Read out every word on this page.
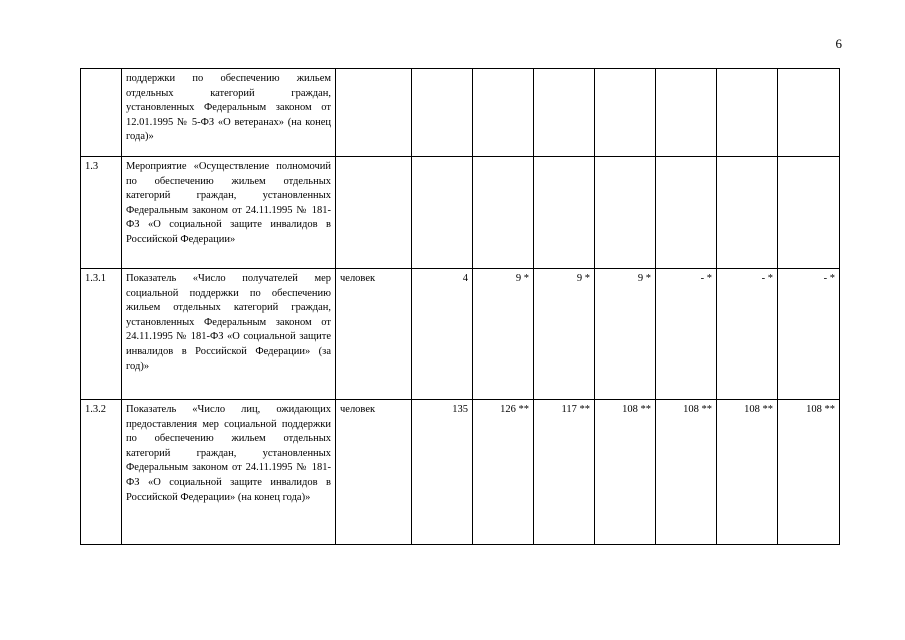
6
	поддержки по обеспечению жильем отдельных категорий граждан, установленных Федеральным законом от 12.01.1995 № 5-ФЗ «О ветеранах» (на конец года)»								
1.3	Мероприятие «Осуществление полномочий по обеспечению жильем отдельных категорий граждан, установленных Федеральным законом от 24.11.1995 № 181-ФЗ «О социальной защите инвалидов в Российской Федерации»								
1.3.1	Показатель «Число получателей мер социальной поддержки по обеспечению жильем отдельных категорий граждан, установленных Федеральным законом от 24.11.1995 № 181-ФЗ «О социальной защите инвалидов в Российской Федерации» (за год)»	человек	4	9 *	9 *	9 *	- *	- *	- *
1.3.2	Показатель «Число лиц, ожидающих предоставления мер социальной поддержки по обеспечению жильем отдельных категорий граждан, установленных Федеральным законом от 24.11.1995 № 181-ФЗ «О социальной защите инвалидов в Российской Федерации» (на конец года)»	человек	135	126 **	117 **	108 **	108 **	108 **	108 **
